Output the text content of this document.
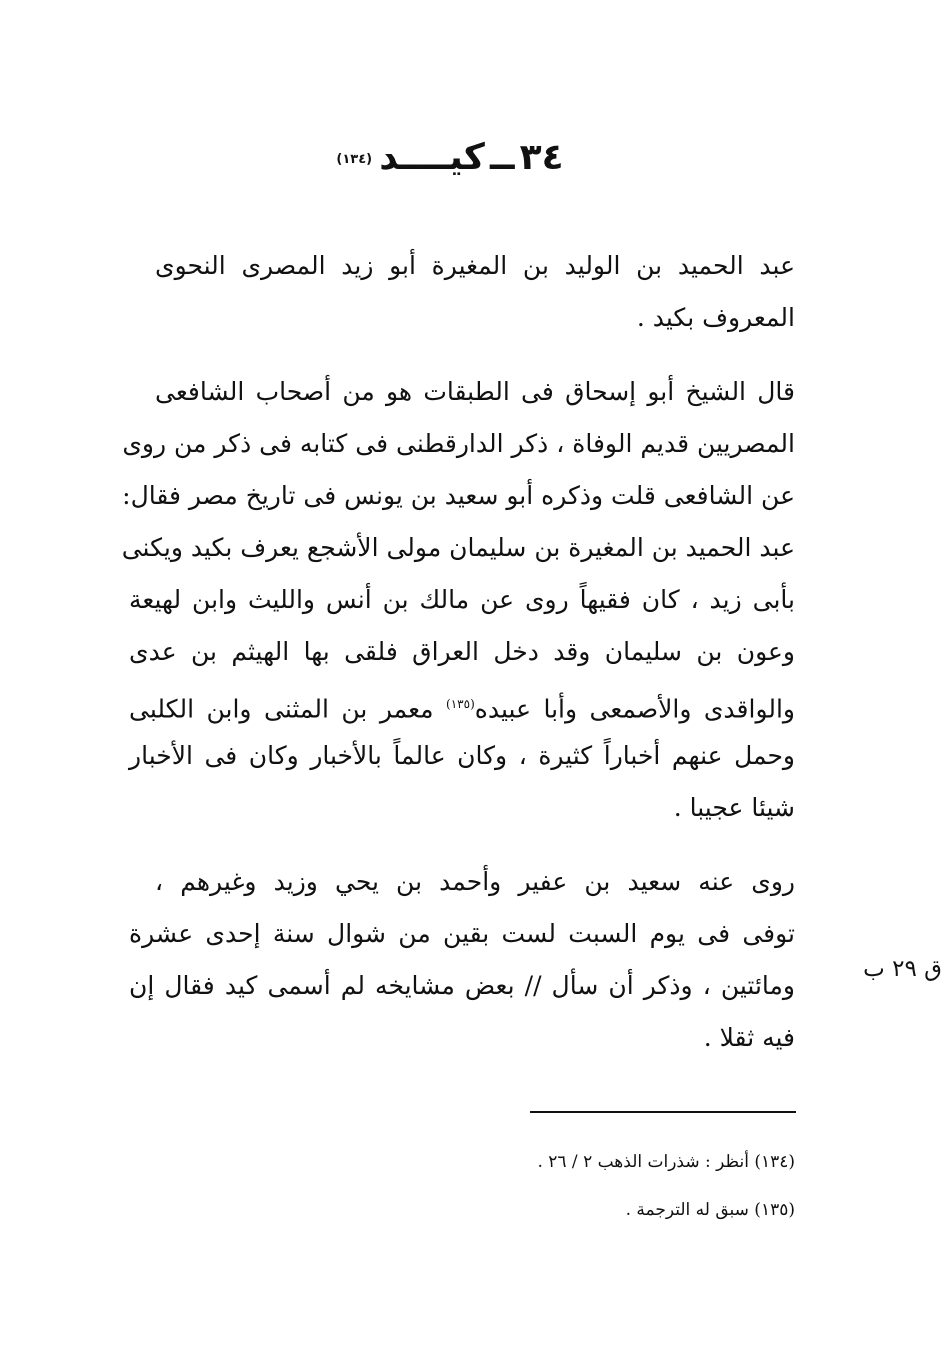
٣٤ ــ كيــــد $^{(١٣٤)}$
عبد الحميد بن الوليد بن المغيرة أبو زيد المصرى النحوى
المعروف بكيد .
قال الشيخ أبو إسحاق فى الطبقات هو من أصحاب الشافعى
المصريين قديم الوفاة ، ذكر الدارقطنى فى كتابه فى ذكر من روى
عن الشافعى قلت وذكره أبو سعيد بن يونس فى تاريخ مصر فقال:
عبد الحميد بن المغيرة بن سليمان مولى الأشجع يعرف بكيد ويكنى
بأبى زيد ، كان فقيهاً روى عن مالك بن أنس والليث وابن لهيعة
وعون بن سليمان وقد دخل العراق فلقى بها الهيثم بن عدى
والواقدى والأصمعى وأبا عبيده$^{(١٣٥)}$ معمر بن المثنى وابن الكلبى
وحمل عنهم أخباراً كثيرة ، وكان عالماً بالأخبار وكان فى الأخبار
شيئا عجيبا .
روى عنه سعيد بن عفير وأحمد بن يحي وزيد وغيرهم ،
توفى فى يوم السبت لست بقين من شوال سنة إحدى عشرة
ومائتين ، وذكر أن سأل // بعض مشايخه لم أسمى كيد فقال إن
فيه ثقلا .
ق ٢٩ ب
(١٣٤) أنظر : شذرات الذهب ٢ / ٢٦ .
(١٣٥) سبق له الترجمة .
